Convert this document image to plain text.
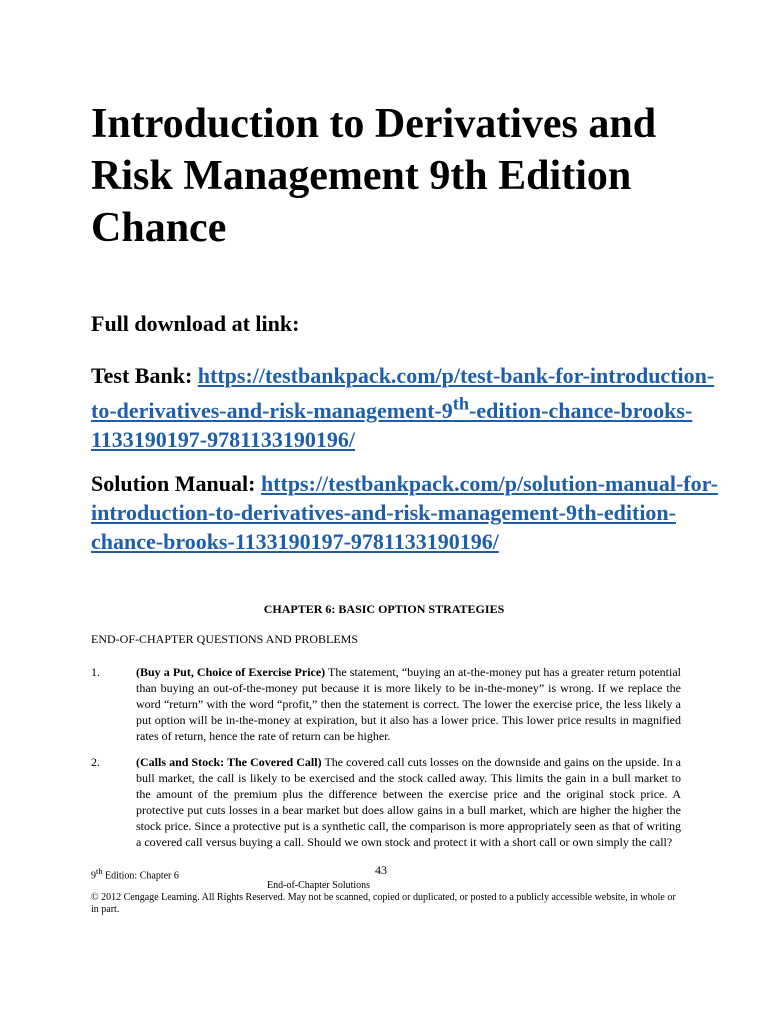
Introduction to Derivatives and Risk Management 9th Edition Chance

Full download at link:

Test Bank: https://testbankpack.com/p/test-bank-for-introduction-to-derivatives-and-risk-management-9th-edition-chance-brooks-1133190197-9781133190196/

Solution Manual: https://testbankpack.com/p/solution-manual-for-introduction-to-derivatives-and-risk-management-9th-edition-chance-brooks-1133190197-9781133190196/

CHAPTER 6: BASIC OPTION STRATEGIES
END-OF-CHAPTER QUESTIONS AND PROBLEMS
1.	(Buy a Put, Choice of Exercise Price) The statement, “buying an at-the-money put has a greater return potential than buying an out-of-the-money put because it is more likely to be in-the-money” is wrong. If we replace the word “return” with the word “profit,” then the statement is correct. The lower the exercise price, the less likely a put option will be in-the-money at expiration, but it also has a lower price. This lower price results in magnified rates of return, hence the rate of return can be higher.
2.	(Calls and Stock: The Covered Call) The covered call cuts losses on the downside and gains on the upside. In a bull market, the call is likely to be exercised and the stock called away. This limits the gain in a bull market to the amount of the premium plus the difference between the exercise price and the original stock price. A protective put cuts losses in a bear market but does allow gains in a bull market, which are higher the higher the stock price. Since a protective put is a synthetic call, the comparison is more appropriately seen as that of writing a covered call versus buying a call. Should we own stock and protect it with a short call or own simply the call?
9th Edition: Chapter 6	43
End-of-Chapter Solutions
© 2012 Cengage Learning. All Rights Reserved. May not be scanned, copied or duplicated, or posted to a publicly accessible website, in whole or in part.
